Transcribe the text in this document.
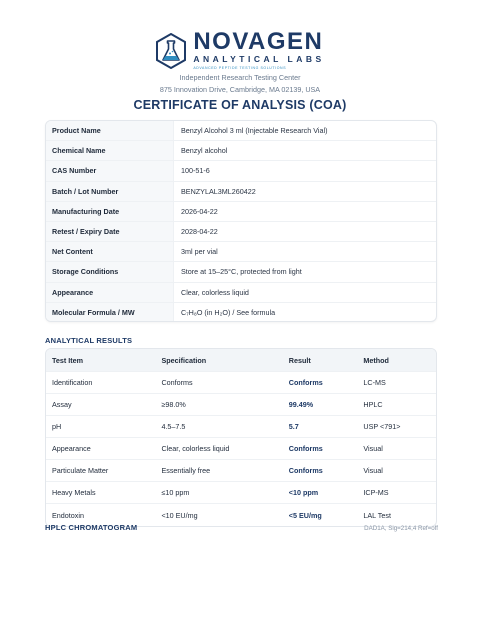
NOVAGEN
ANALYTICAL LABS
ADVANCED PEPTIDE TESTING SOLUTIONS
Independent Research Testing Center
875 Innovation Drive, Cambridge, MA 02139, USA
CERTIFICATE OF ANALYSIS (COA)
Product Name	Benzyl Alcohol 3 ml (Injectable Research Vial)
Chemical Name	Benzyl alcohol
CAS Number	100-51-6
Batch / Lot Number	BENZYLAL3ML260422
Manufacturing Date	2026-04-22
Retest / Expiry Date	2028-04-22
Net Content	3ml per vial
Storage Conditions	Store at 15–25°C, protected from light
Appearance	Clear, colorless liquid
Molecular Formula / MW	C₇H₈O (in H₂O) / See formula
ANALYTICAL RESULTS
Test Item	Specification	Result	Method
Identification	Conforms	Conforms	LC-MS
Assay	≥98.0%	99.49%	HPLC
pH	4.5–7.5	5.7	USP <791>
Appearance	Clear, colorless liquid	Conforms	Visual
Particulate Matter	Essentially free	Conforms	Visual
Heavy Metals	≤10 ppm	<10 ppm	ICP-MS
Endotoxin	<10 EU/mg	<5 EU/mg	LAL Test
HPLC CHROMATOGRAM	DAD1A, Sig=214,4 Ref=off
